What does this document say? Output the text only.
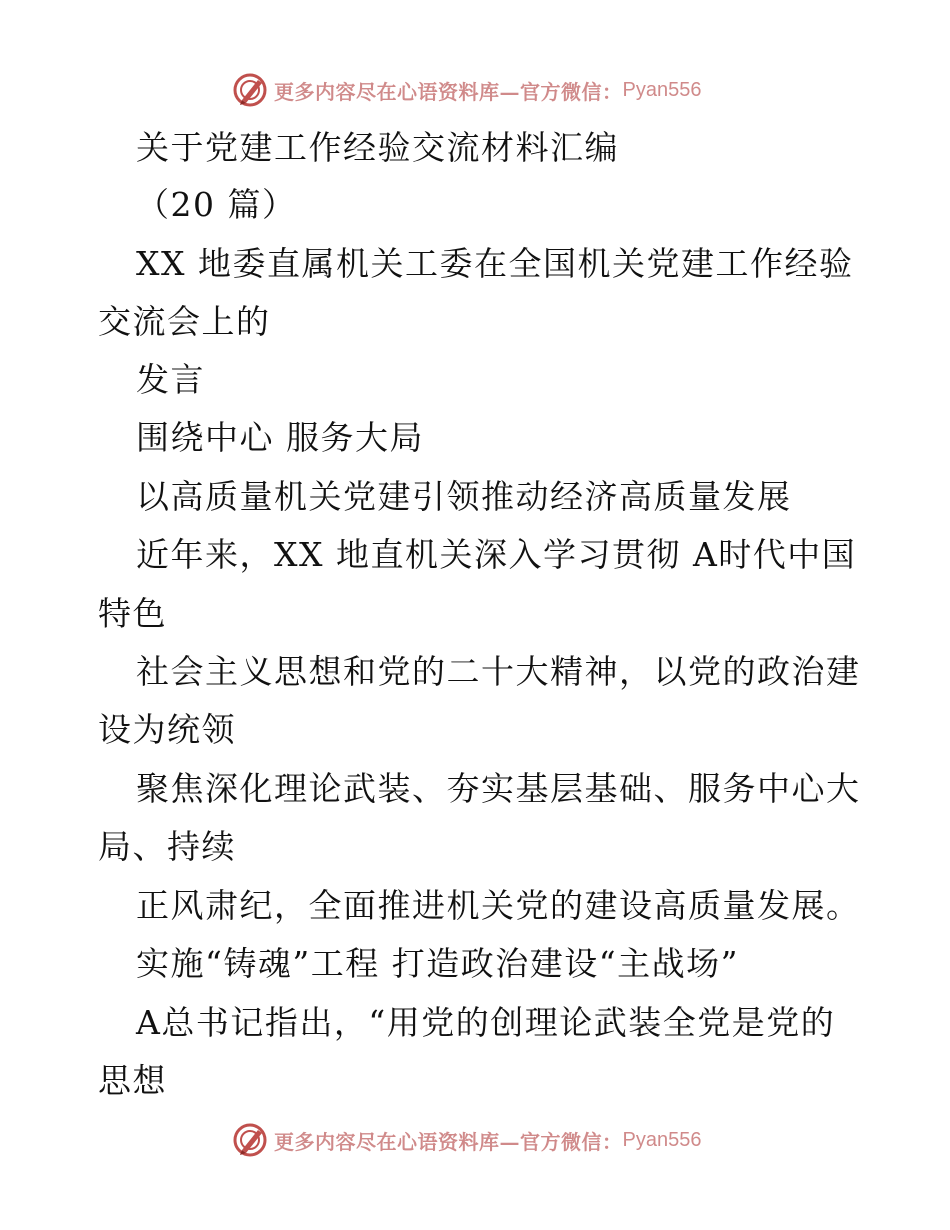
更多内容尽在心语资料库—官方微信： Pyan556
关于党建工作经验交流材料汇编
（20 篇）
XX 地委直属机关工委在全国机关党建工作经验
交流会上的
发言
围绕中心 服务大局
以高质量机关党建引领推动经济高质量发展
近年来，XX 地直机关深入学习贯彻 A时代中国
特色
社会主义思想和党的二十大精神，以党的政治建
设为统领
聚焦深化理论武装、夯实基层基础、服务中心大
局、持续
正风肃纪，全面推进机关党的建设高质量发展。
实施“铸魂”工程 打造政治建设“主战场”
A总书记指出，“用党的创理论武装全党是党的
思想
更多内容尽在心语资料库—官方微信： Pyan556
